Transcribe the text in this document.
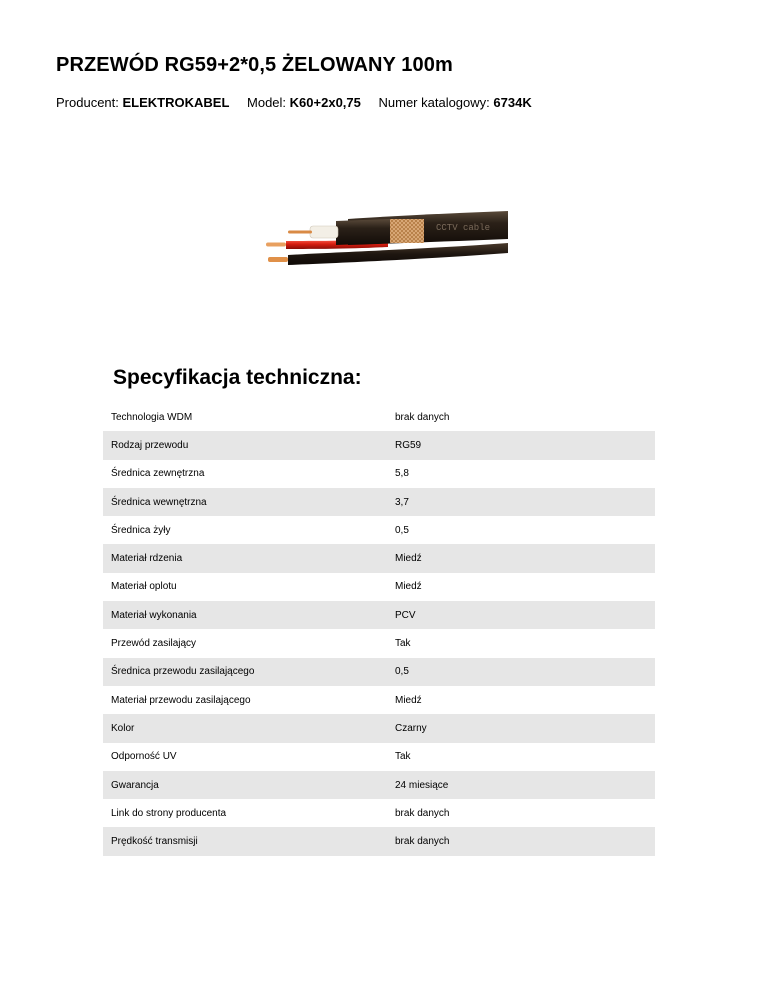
PRZEWÓD RG59+2*0,5 ŻELOWANY 100m
Producent: ELEKTROKABEL Model: K60+2x0,75 Numer katalogowy: 6734K
CCTV cable
Specyfikacja techniczna:
Technologia WDM	brak danych
Rodzaj przewodu	RG59
Średnica zewnętrzna	5,8
Średnica wewnętrzna	3,7
Średnica żyły	0,5
Materiał rdzenia	Miedź
Materiał oplotu	Miedź
Materiał wykonania	PCV
Przewód zasilający	Tak
Średnica przewodu zasilającego	0,5
Materiał przewodu zasilającego	Miedź
Kolor	Czarny
Odporność UV	Tak
Gwarancja	24 miesiące
Link do strony producenta	brak danych
Prędkość transmisji	brak danych
